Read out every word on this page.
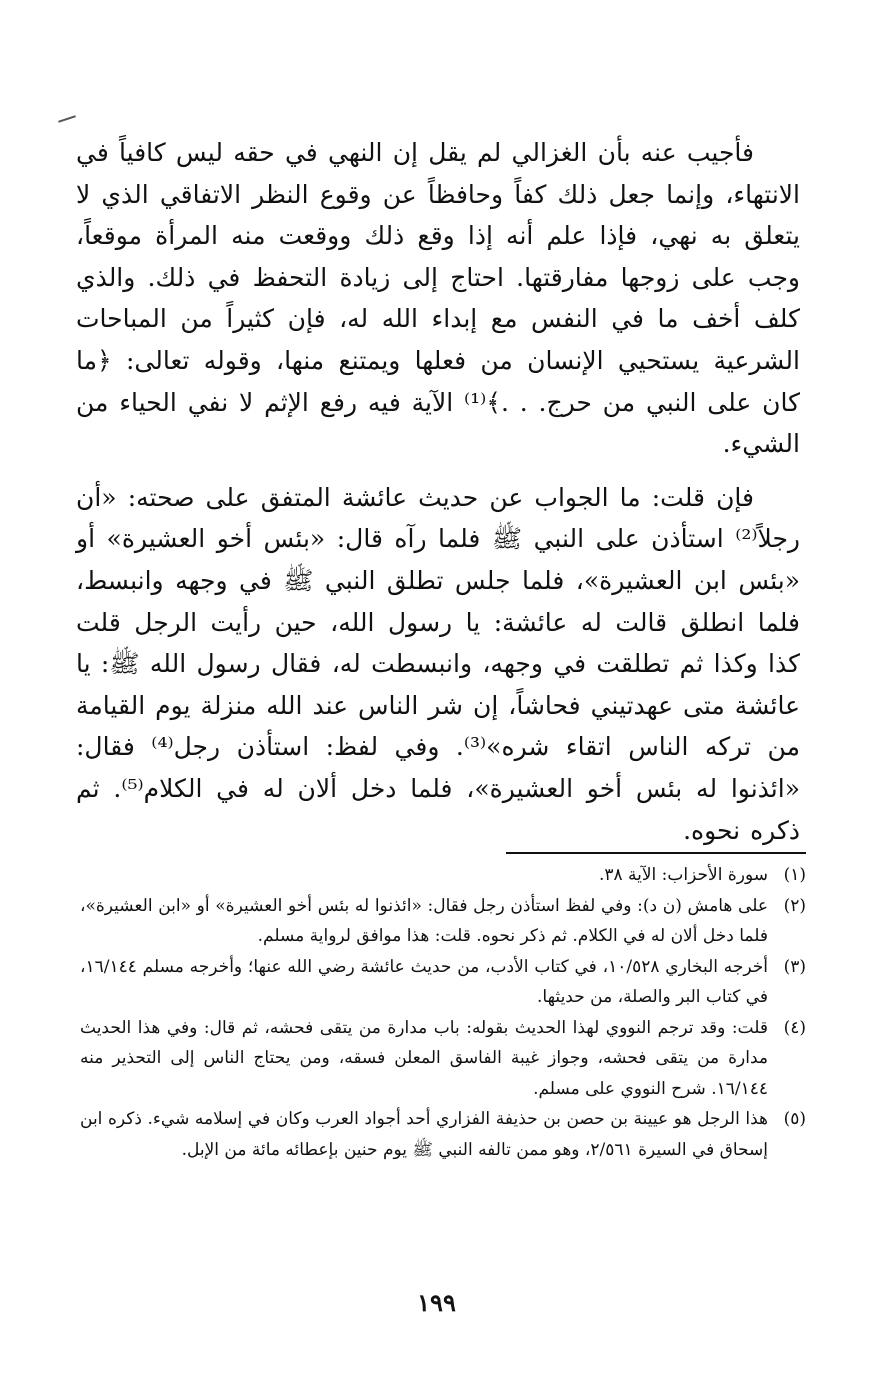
فأجيب عنه بأن الغزالي لم يقل إن النهي في حقه ليس كافياً في الانتهاء، وإنما جعل ذلك كفاً وحافظاً عن وقوع النظر الاتفاقي الذي لا يتعلق به نهي، فإذا علم أنه إذا وقع ذلك ووقعت منه المرأة موقعاً، وجب على زوجها مفارقتها. احتاج إلى زيادة التحفظ في ذلك. والذي كلف أخف ما في النفس مع إبداء الله له، فإن كثيراً من المباحات الشرعية يستحيي الإنسان من فعلها ويمتنع منها، وقوله تعالى: ﴿ما كان على النبي من حرج. . .﴾⁽¹⁾ الآية فيه رفع الإثم لا نفي الحياء من الشيء.

فإن قلت: ما الجواب عن حديث عائشة المتفق على صحته: «أن رجلاً⁽²⁾ استأذن على النبي ﷺ فلما رآه قال: «بئس أخو العشيرة» أو «بئس ابن العشيرة»، فلما جلس تطلق النبي ﷺ في وجهه وانبسط، فلما انطلق قالت له عائشة: يا رسول الله، حين رأيت الرجل قلت كذا وكذا ثم تطلقت في وجهه، وانبسطت له، فقال رسول الله ﷺ: يا عائشة متى عهدتيني فحاشاً، إن شر الناس عند الله منزلة يوم القيامة من تركه الناس اتقاء شره»⁽³⁾. وفي لفظ: استأذن رجل⁽⁴⁾ فقال: «ائذنوا له بئس أخو العشيرة»، فلما دخل ألان له في الكلام⁽⁵⁾. ثم ذكره نحوه.

(١)
سورة الأحزاب: الآية ٣٨.
(٢)
على هامش (ن د): وفي لفظ استأذن رجل فقال: «ائذنوا له بئس أخو العشيرة» أو «ابن العشيرة»، فلما دخل ألان له في الكلام. ثم ذكر نحوه. قلت: هذا موافق لرواية مسلم.
(٣)
أخرجه البخاري ١٠/٥٢٨، في كتاب الأدب، من حديث عائشة رضي الله عنها؛ وأخرجه مسلم ١٦/١٤٤، في كتاب البر والصلة، من حديثها.
(٤)
قلت: وقد ترجم النووي لهذا الحديث بقوله: باب مدارة من يتقى فحشه، ثم قال: وفي هذا الحديث مدارة من يتقى فحشه، وجواز غيبة الفاسق المعلن فسقه، ومن يحتاج الناس إلى التحذير منه ١٦/١٤٤. شرح النووي على مسلم.
(٥)
هذا الرجل هو عيينة بن حصن بن حذيفة الفزاري أحد أجواد العرب وكان في إسلامه شيء. ذكره ابن إسحاق في السيرة ٢/٥٦١، وهو ممن تالفه النبي ﷺ يوم حنين بإعطائه مائة من الإبل.
١٩٩
